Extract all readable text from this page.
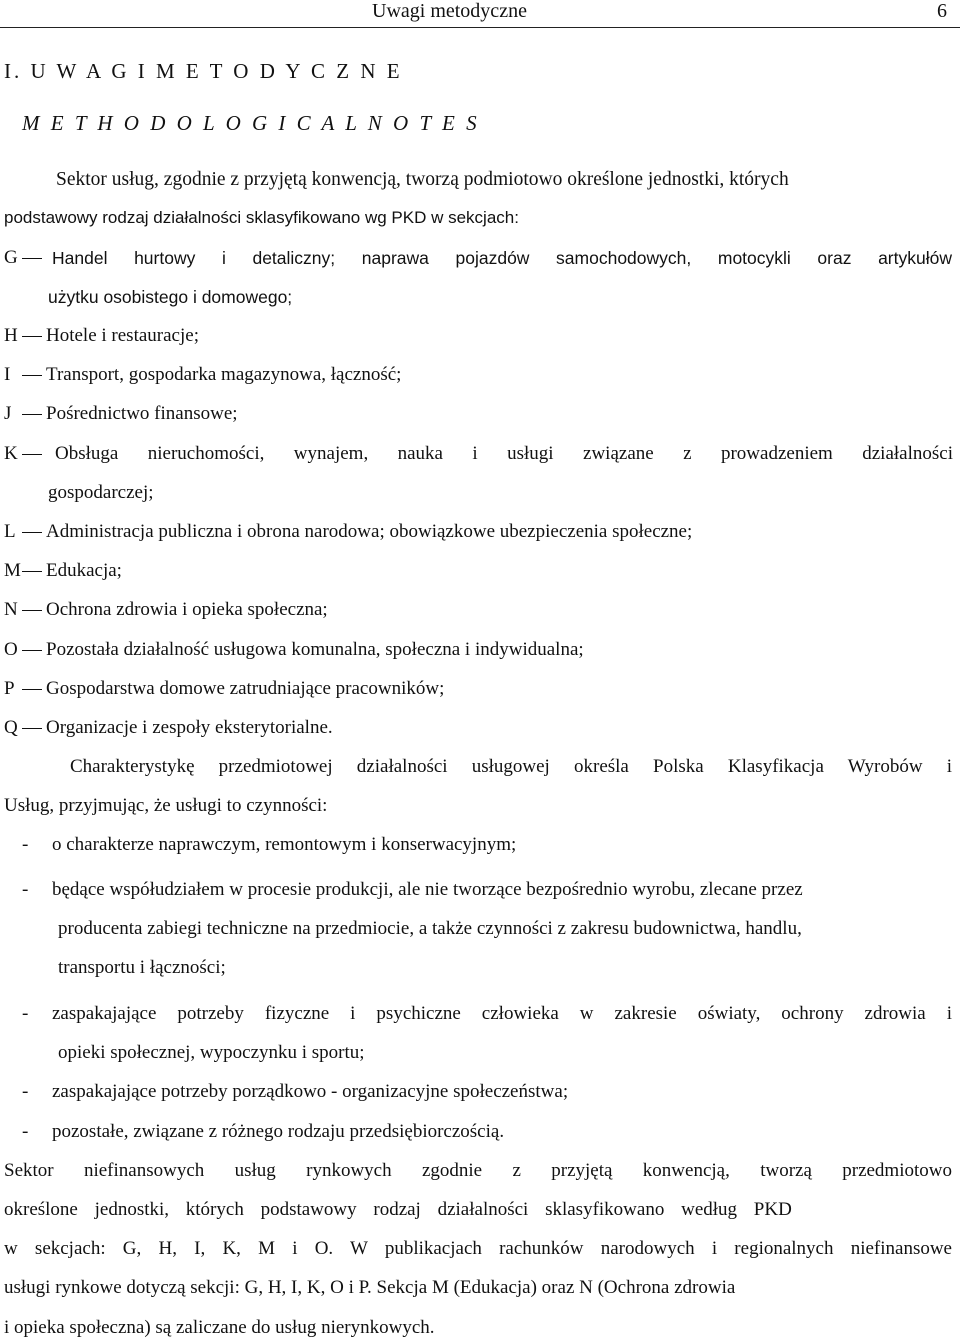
Uwagi metodyczne	6
I. U W A G I M E T O D Y C Z N E
M E T H O D O L O G I C A L N O T E S
Sektor usług, zgodnie z przyjętą konwencją, tworzą podmiotowo określone jednostki, których
podstawowy rodzaj działalności sklasyfikowano wg PKD w sekcjach:
G Handel hurtowy i detaliczny; naprawa pojazdów samochodowych, motocykli oraz artykułów
użytku osobistego i domowego;
H Hotele i restauracje;
I Transport, gospodarka magazynowa, łączność;
J Pośrednictwo finansowe;
K Obsługa nieruchomości, wynajem, nauka i usługi związane z prowadzeniem działalności
gospodarczej;
L Administracja publiczna i obrona narodowa; obowiązkowe ubezpieczenia społeczne;
M Edukacja;
N Ochrona zdrowia i opieka społeczna;
O Pozostała działalność usługowa komunalna, społeczna i indywidualna;
P Gospodarstwa domowe zatrudniające pracowników;
Q Organizacje i zespoły eksterytorialne.
Charakterystykę przedmiotowej działalności usługowej określa Polska Klasyfikacja Wyrobów i
Usług, przyjmując, że usługi to czynności:
- o charakterze naprawczym, remontowym i konserwacyjnym;
- będące współudziałem w procesie produkcji, ale nie tworzące bezpośrednio wyrobu, zlecane przez
producenta zabiegi techniczne na przedmiocie, a także czynności z zakresu budownictwa, handlu,
transportu i łączności;
- zaspakajające potrzeby fizyczne i psychiczne człowieka w zakresie oświaty, ochrony zdrowia i
opieki społecznej, wypoczynku i sportu;
- zaspakajające potrzeby porządkowo - organizacyjne społeczeństwa;
- pozostałe, związane z różnego rodzaju przedsiębiorczością.
Sektor niefinansowych usług rynkowych zgodnie z przyjętą konwencją, tworzą przedmiotowo
określone jednostki, których podstawowy rodzaj działalności sklasyfikowano według PKD
w sekcjach: G, H, I, K, M i O. W publikacjach rachunków narodowych i regionalnych niefinansowe
usługi rynkowe dotyczą sekcji: G, H, I, K, O i P. Sekcja M (Edukacja) oraz N (Ochrona zdrowia
i opieka społeczna) są zaliczane do usług nierynkowych.
